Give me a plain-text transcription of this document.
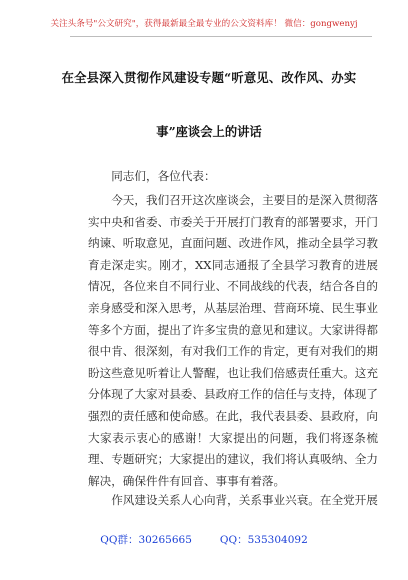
关注头条号"公文研究"，获得最新最全最专业的公文资料库！ 微信：gongwenyj
在全县深入贯彻作风建设专题“听意见、改作风、办实
事”座谈会上的讲话
同志们，各位代表：

今天，我们召开这次座谈会，主要目的是深入贯彻落实中央和省委、市委关于开展打门教育的部署要求，开门纳谏、听取意见，直面问题、改进作风，推动全县学习教育走深走实。刚才，XX同志通报了全县学习教育的进展情况，各位来自不同行业、不同战线的代表，结合各自的亲身感受和深入思考，从基层治理、营商环境、民生事业等多个方面，提出了许多宝贵的意见和建议。大家讲得都很中肯、很深刻，有对我们工作的肯定，更有对我们的期盼这些意见听着让人警醒，也让我们倍感责任重大。这充分体现了大家对县委、县政府工作的信任与支持，体现了强烈的责任感和使命感。在此，我代表县委、县政府，向大家表示衷心的感谢！大家提出的问题，我们将逐条梳理、专题研究；大家提出的建议，我们将认真吸纳、全力解决，确保件件有回音、事事有着落。

作风建设关系人心向背，关系事业兴衰。在全党开展

QQ群：30265665	QQ：535304092
